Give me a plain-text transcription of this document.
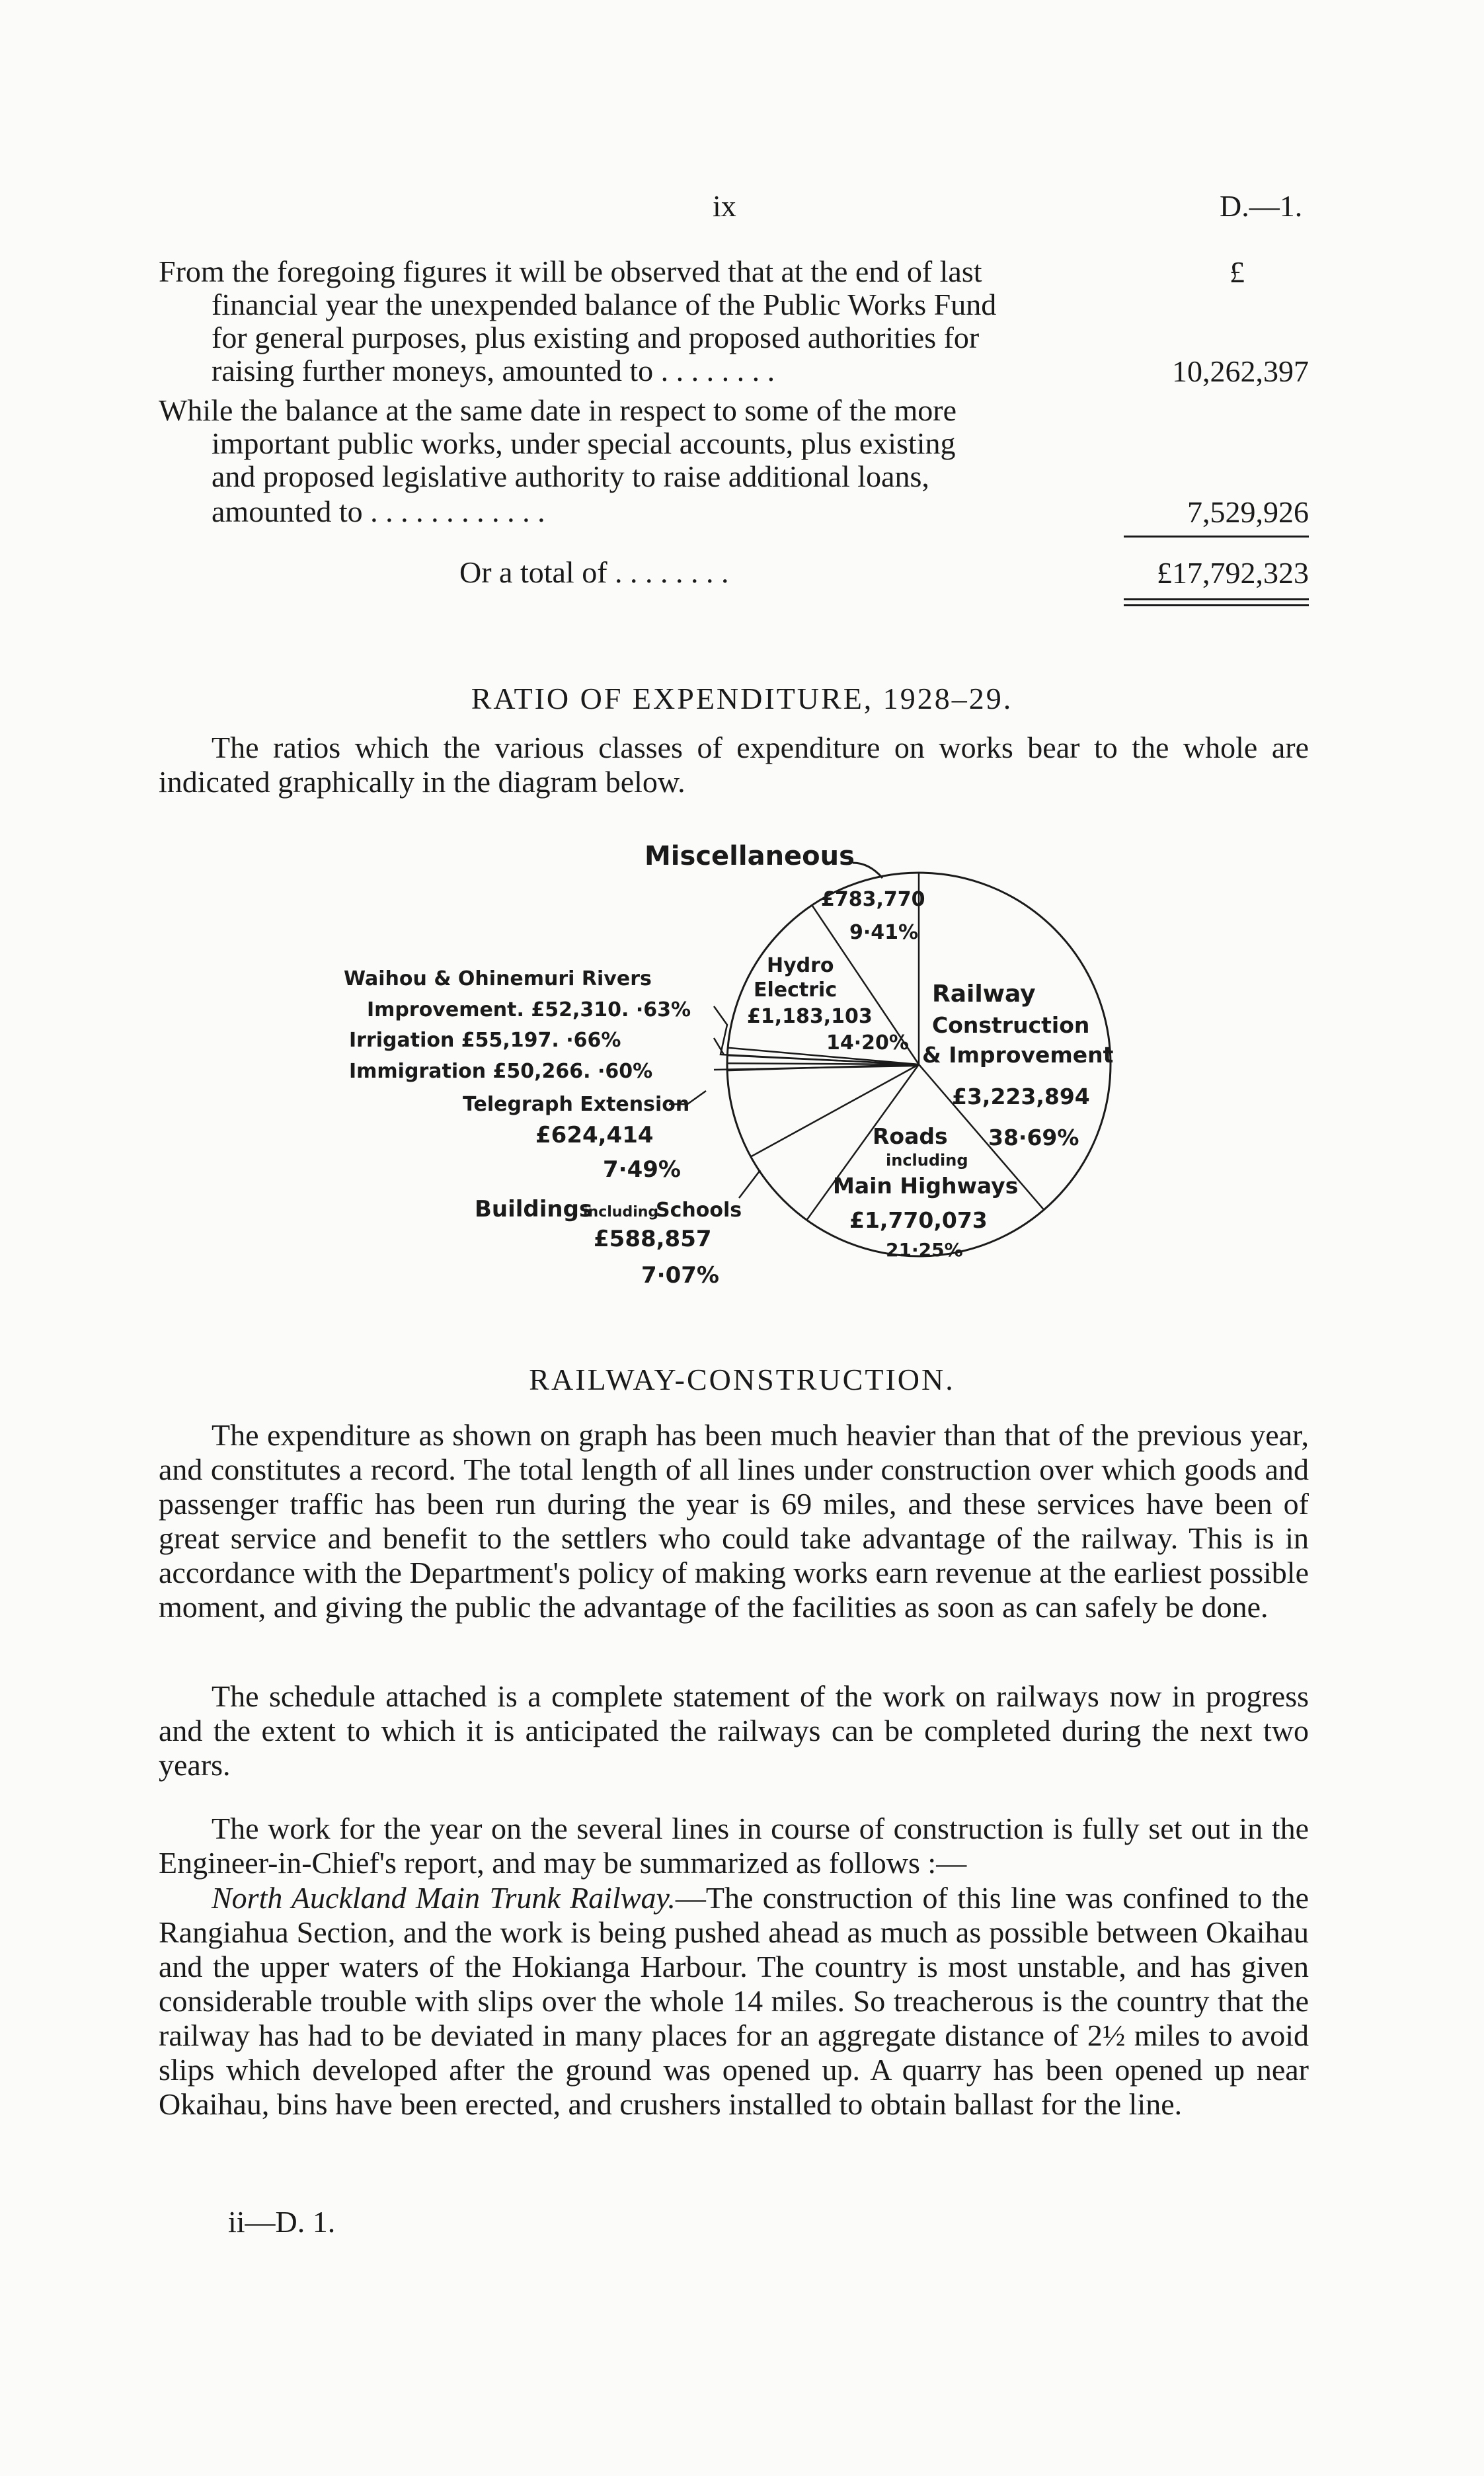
ix	D.—1.
£
From the foregoing figures it will be observed that at the end of last
financial year the unexpended balance of the Public Works Fund
for general purposes, plus existing and proposed authorities for
raising further moneys, amounted to . . . . . . . .	10,262,397
While the balance at the same date in respect to some of the more
important public works, under special accounts, plus existing
and proposed legislative authority to raise additional loans,
amounted to . . . . . . . . . . . .	7,529,926
Or a total of . . . . . . . .	£17,792,323
RATIO OF EXPENDITURE, 1928–29.
The ratios which the various classes of expenditure on works bear to the whole are indicated graphically in the diagram below.
Miscellaneous
£783,770
9·41%
Hydro
Electric
£1,183,103
14·20%
Railway
Construction
& Improvement
£3,223,894
38·69%
Roads
including
Main Highways
£1,770,073
21·25%
Waihou & Ohinemuri Rivers
Improvement. £52,310. ·63%
Irrigation £55,197. ·66%
Immigration £50,266. ·60%
Telegraph Extension
£624,414
7·49%
Buildings
including
Schools
£588,857
7·07%
RAILWAY-CONSTRUCTION.
The expenditure as shown on graph has been much heavier than that of the previous year, and constitutes a record. The total length of all lines under construction over which goods and passenger traffic has been run during the year is 69 miles, and these services have been of great service and benefit to the settlers who could take advantage of the railway. This is in accordance with the Department's policy of making works earn revenue at the earliest possible moment, and giving the public the advantage of the facilities as soon as can safely be done.
The schedule attached is a complete statement of the work on railways now in progress and the extent to which it is anticipated the railways can be completed during the next two years.
The work for the year on the several lines in course of construction is fully set out in the Engineer-in-Chief's report, and may be summarized as follows :—
North Auckland Main Trunk Railway.—The construction of this line was confined to the Rangiahua Section, and the work is being pushed ahead as much as possible between Okaihau and the upper waters of the Hokianga Harbour. The country is most unstable, and has given considerable trouble with slips over the whole 14 miles. So treacherous is the country that the railway has had to be deviated in many places for an aggregate distance of 2½ miles to avoid slips which developed after the ground was opened up. A quarry has been opened up near Okaihau, bins have been erected, and crushers installed to obtain ballast for the line.
ii—D. 1.
